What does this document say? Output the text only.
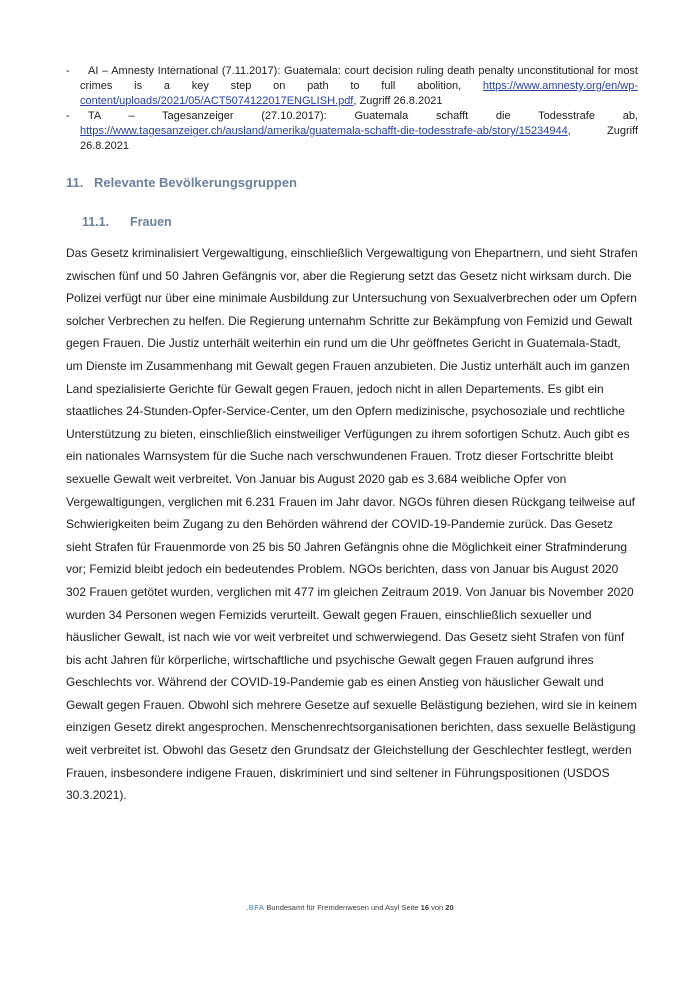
- AI – Amnesty International (7.11.2017): Guatemala: court decision ruling death penalty unconstitutional for most crimes is a key step on path to full abolition, https://www.amnesty.org/en/wp-content/uploads/2021/05/ACT5074122017ENGLISH.pdf, Zugriff 26.8.2021
- TA – Tagesanzeiger (27.10.2017): Guatemala schafft die Todesstrafe ab, https://www.tagesanzeiger.ch/ausland/amerika/guatemala-schafft-die-todesstrafe-ab/story/15234944, Zugriff 26.8.2021
11. Relevante Bevölkerungsgruppen
11.1.	Frauen

Das Gesetz kriminalisiert Vergewaltigung, einschließlich Vergewaltigung von Ehepartnern, und sieht Strafen zwischen fünf und 50 Jahren Gefängnis vor, aber die Regierung setzt das Gesetz nicht wirksam durch. Die Polizei verfügt nur über eine minimale Ausbildung zur Untersuchung von Sexualverbrechen oder um Opfern solcher Verbrechen zu helfen. Die Regierung unternahm Schritte zur Bekämpfung von Femizid und Gewalt gegen Frauen. Die Justiz unterhält weiterhin ein rund um die Uhr geöffnetes Gericht in Guatemala-Stadt, um Dienste im Zusammenhang mit Gewalt gegen Frauen anzubieten. Die Justiz unterhält auch im ganzen Land spezialisierte Gerichte für Gewalt gegen Frauen, jedoch nicht in allen Departements. Es gibt ein staatliches 24-Stunden-Opfer-Service-Center, um den Opfern medizinische, psychosoziale und rechtliche Unterstützung zu bieten, einschließlich einstweiliger Verfügungen zu ihrem sofortigen Schutz. Auch gibt es ein nationales Warnsystem für die Suche nach verschwundenen Frauen. Trotz dieser Fortschritte bleibt sexuelle Gewalt weit verbreitet. Von Januar bis August 2020 gab es 3.684 weibliche Opfer von Vergewaltigungen, verglichen mit 6.231 Frauen im Jahr davor. NGOs führen diesen Rückgang teilweise auf Schwierigkeiten beim Zugang zu den Behörden während der COVID-19-Pandemie zurück. Das Gesetz sieht Strafen für Frauenmorde von 25 bis 50 Jahren Gefängnis ohne die Möglichkeit einer Strafminderung vor; Femizid bleibt jedoch ein bedeutendes Problem. NGOs berichten, dass von Januar bis August 2020 302 Frauen getötet wurden, verglichen mit 477 im gleichen Zeitraum 2019. Von Januar bis November 2020 wurden 34 Personen wegen Femizids verurteilt. Gewalt gegen Frauen, einschließlich sexueller und häuslicher Gewalt, ist nach wie vor weit verbreitet und schwerwiegend. Das Gesetz sieht Strafen von fünf bis acht Jahren für körperliche, wirtschaftliche und psychische Gewalt gegen Frauen aufgrund ihres Geschlechts vor. Während der COVID-19-Pandemie gab es einen Anstieg von häuslicher Gewalt und Gewalt gegen Frauen. Obwohl sich mehrere Gesetze auf sexuelle Belästigung beziehen, wird sie in keinem einzigen Gesetz direkt angesprochen. Menschenrechtsorganisationen berichten, dass sexuelle Belästigung weit verbreitet ist. Obwohl das Gesetz den Grundsatz der Gleichstellung der Geschlechter festlegt, werden Frauen, insbesondere indigene Frauen, diskriminiert und sind seltener in Führungspositionen (USDOS 30.3.2021).

.BFA Bundesamt für Fremdenwesen und Asyl Seite 16 von 20
